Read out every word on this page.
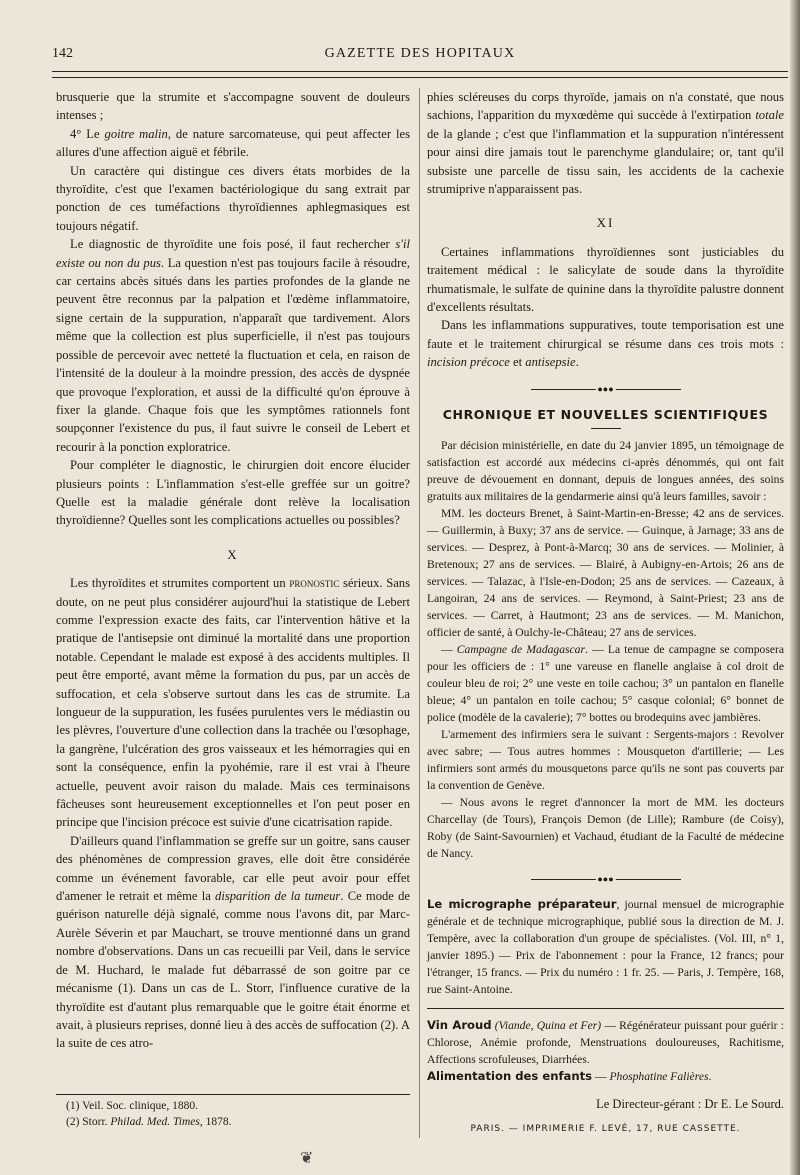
142	GAZETTE DES HOPITAUX

brusquerie que la strumite et s'accompagne souvent de douleurs intenses ;

4° Le goitre malin, de nature sarcomateuse, qui peut affecter les allures d'une affection aiguë et fébrile.

Un caractère qui distingue ces divers états morbides de la thyroïdite, c'est que l'examen bactériologique du sang extrait par ponction de ces tuméfactions thyroïdiennes aphlegmasiques est toujours négatif.

Le diagnostic de thyroïdite une fois posé, il faut rechercher s'il existe ou non du pus. La question n'est pas toujours facile à résoudre, car certains abcès situés dans les parties profondes de la glande ne peuvent être reconnus par la palpation et l'œdème inflammatoire, signe certain de la suppuration, n'apparaît que tardivement. Alors même que la collection est plus superficielle, il n'est pas toujours possible de percevoir avec netteté la fluctuation et cela, en raison de l'intensité de la douleur à la moindre pression, des accès de dyspnée que provoque l'exploration, et aussi de la difficulté qu'on éprouve à fixer la glande. Chaque fois que les symptômes rationnels font soupçonner l'existence du pus, il faut suivre le conseil de Lebert et recourir à la ponction exploratrice.

Pour compléter le diagnostic, le chirurgien doit encore élucider plusieurs points : L'inflammation s'est-elle greffée sur un goitre? Quelle est la maladie générale dont relève la localisation thyroïdienne? Quelles sont les complications actuelles ou possibles?

X

Les thyroïdites et strumites comportent un pronostic sérieux. Sans doute, on ne peut plus considérer aujourd'hui la statistique de Lebert comme l'expression exacte des faits, car l'intervention hâtive et la pratique de l'antisepsie ont diminué la mortalité dans une proportion notable. Cependant le malade est exposé à des accidents multiples. Il peut être emporté, avant même la formation du pus, par un accès de suffocation, et cela s'observe surtout dans les cas de strumite. La longueur de la suppuration, les fusées purulentes vers le médiastin ou les plèvres, l'ouverture d'une collection dans la trachée ou l'œsophage, la gangrène, l'ulcération des gros vaisseaux et les hémorragies qui en sont la conséquence, enfin la pyohémie, rare il est vrai à l'heure actuelle, peuvent avoir raison du malade. Mais ces terminaisons fâcheuses sont heureusement exceptionnelles et l'on peut poser en principe que l'incision précoce est suivie d'une cicatrisation rapide.

D'ailleurs quand l'inflammation se greffe sur un goitre, sans causer des phénomènes de compression graves, elle doit être considérée comme un événement favorable, car elle peut avoir pour effet d'amener le retrait et même la disparition de la tumeur. Ce mode de guérison naturelle déjà signalé, comme nous l'avons dit, par Marc-Aurèle Séverin et par Mauchart, se trouve mentionné dans un grand nombre d'observations. Dans un cas recueilli par Veil, dans le service de M. Huchard, le malade fut débarrassé de son goitre par ce mécanisme (1). Dans un cas de L. Storr, l'influence curative de la thyroïdite est d'autant plus remarquable que le goitre était énorme et avait, à plusieurs reprises, donné lieu à des accès de suffocation (2). A la suite de ces atro-

(1) Veil. Soc. clinique, 1880.
(2) Storr. Philad. Med. Times, 1878.
❦

phies scléreuses du corps thyroïde, jamais on n'a constaté, que nous sachions, l'apparition du myxœdème qui succède à l'extirpation totale de la glande ; c'est que l'inflammation et la suppuration n'intéressent pour ainsi dire jamais tout le parenchyme glandulaire; or, tant qu'il subsiste une parcelle de tissu sain, les accidents de la cachexie strumiprive n'apparaissent pas.

XI

Certaines inflammations thyroïdiennes sont justiciables du traitement médical : le salicylate de soude dans la thyroïdite rhumatismale, le sulfate de quinine dans la thyroïdite palustre donnent d'excellents résultats.

Dans les inflammations suppuratives, toute temporisation est une faute et le traitement chirurgical se résume dans ces trois mots : incision précoce et antisepsie.

●●●
CHRONIQUE ET NOUVELLES SCIENTIFIQUES

Par décision ministérielle, en date du 24 janvier 1895, un témoignage de satisfaction est accordé aux médecins ci-après dénommés, qui ont fait preuve de dévouement en donnant, depuis de longues années, des soins gratuits aux militaires de la gendarmerie ainsi qu'à leurs familles, savoir :

MM. les docteurs Brenet, à Saint-Martin-en-Bresse; 42 ans de services. — Guillermin, à Buxy; 37 ans de service. — Guinque, à Jarnage; 33 ans de services. — Desprez, à Pont-à-Marcq; 30 ans de services. — Molinier, à Bretenoux; 27 ans de services. — Blairé, à Aubigny-en-Artois; 26 ans de services. — Talazac, à l'Isle-en-Dodon; 25 ans de services. — Cazeaux, à Langoiran, 24 ans de services. — Reymond, à Saint-Priest; 23 ans de services. — Carret, à Hautmont; 23 ans de services. — M. Manichon, officier de santé, à Oulchy-le-Château; 27 ans de services.

— Campagne de Madagascar. — La tenue de campagne se composera pour les officiers de : 1° une vareuse en flanelle anglaise à col droit de couleur bleu de roi; 2° une veste en toile cachou; 3° un pantalon en flanelle bleue; 4° un pantalon en toile cachou; 5° casque colonial; 6° bonnet de police (modèle de la cavalerie); 7° bottes ou brodequins avec jambières.

L'armement des infirmiers sera le suivant : Sergents-majors : Revolver avec sabre; — Tous autres hommes : Mousqueton d'artillerie; — Les infirmiers sont armés du mousquetons parce qu'ils ne sont pas couverts par la convention de Genève.

— Nous avons le regret d'annoncer la mort de MM. les docteurs Charcellay (de Tours), François Demon (de Lille); Rambure (de Coisy), Roby (de Saint-Savournien) et Vachaud, étudiant de la Faculté de médecine de Nancy.

●●●

Le micrographe préparateur, journal mensuel de micrographie générale et de technique micrographique, publié sous la direction de M. J. Tempère, avec la collaboration d'un groupe de spécialistes. (Vol. III, n° 1, janvier 1895.) — Prix de l'abonnement : pour la France, 12 francs; pour l'étranger, 15 francs. — Prix du numéro : 1 fr. 25. — Paris, J. Tempère, 168, rue Saint-Antoine.

Vin Aroud (Viande, Quina et Fer) — Régénérateur puissant pour guérir : Chlorose, Anémie profonde, Menstruations douloureuses, Rachitisme, Affections scrofuleuses, Diarrhées.

Alimentation des enfants — Phosphatine Falières.

Le Directeur-gérant : Dr E. Le Sourd.
PARIS. — IMPRIMERIE F. LEVÉ, 17, RUE CASSETTE.
